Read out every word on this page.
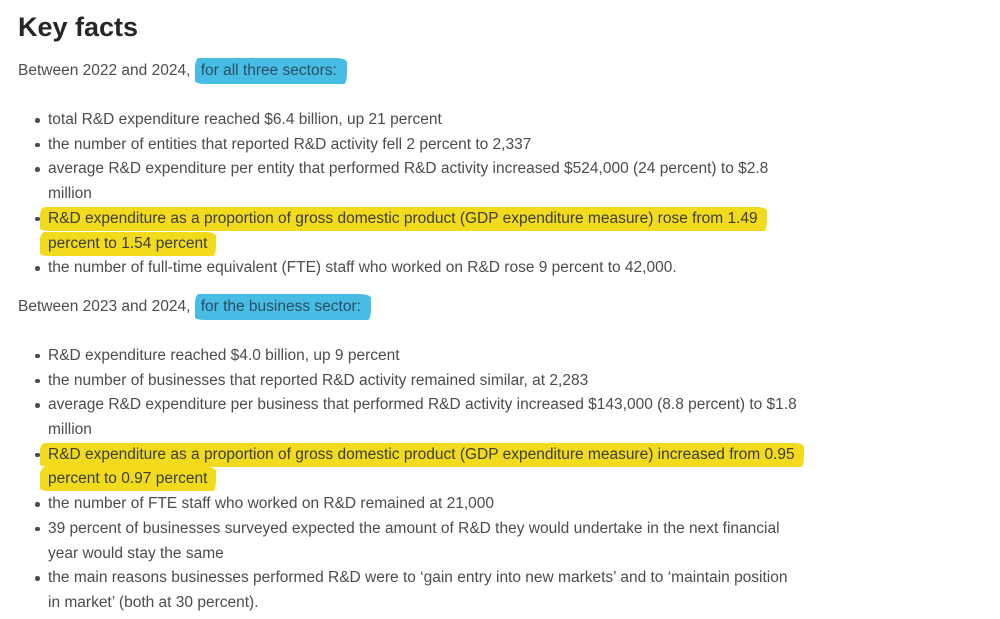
Key facts

Between 2022 and 2024, for all three sectors:

total R&D expenditure reached $6.4 billion, up 21 percent
the number of entities that reported R&D activity fell 2 percent to 2,337
average R&D expenditure per entity that performed R&D activity increased $524,000 (24 percent) to $2.8 million
R&D expenditure as a proportion of gross domestic product (GDP expenditure measure) rose from 1.49 percent to 1.54 percent
the number of full-time equivalent (FTE) staff who worked on R&D rose 9 percent to 42,000.

Between 2023 and 2024, for the business sector:

R&D expenditure reached $4.0 billion, up 9 percent
the number of businesses that reported R&D activity remained similar, at 2,283
average R&D expenditure per business that performed R&D activity increased $143,000 (8.8 percent) to $1.8 million
R&D expenditure as a proportion of gross domestic product (GDP expenditure measure) increased from 0.95 percent to 0.97 percent
the number of FTE staff who worked on R&D remained at 21,000
39 percent of businesses surveyed expected the amount of R&D they would undertake in the next financial year would stay the same
the main reasons businesses performed R&D were to ‘gain entry into new markets’ and to ‘maintain position in market’ (both at 30 percent).
